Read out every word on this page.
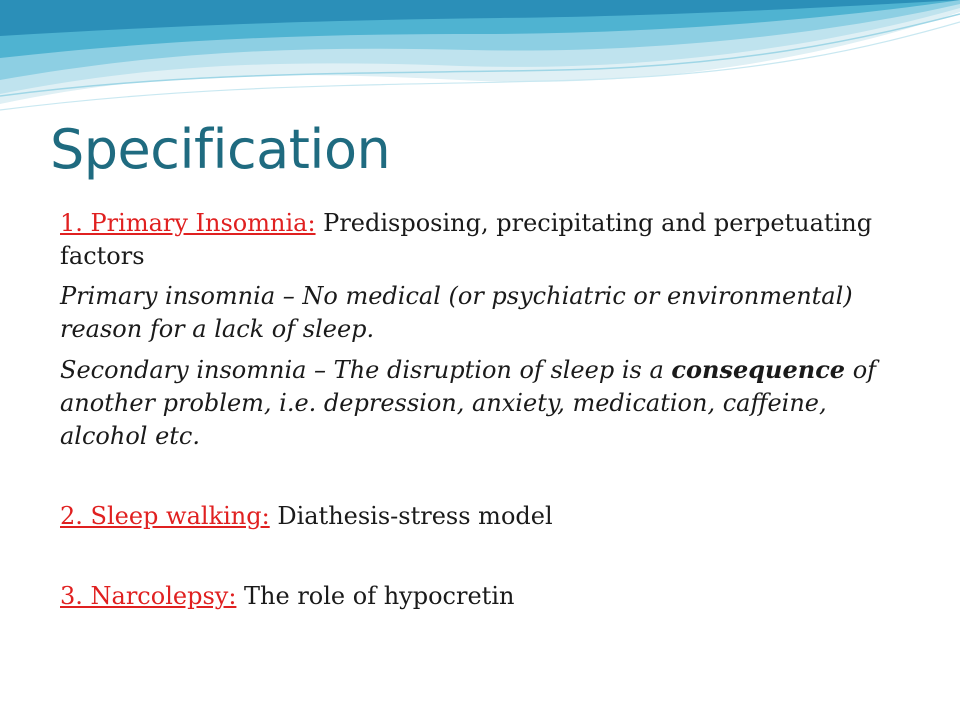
Specification

1. Primary Insomnia: Predisposing, precipitating and perpetuating factors

Primary insomnia – No medical (or psychiatric or environmental) reason for a lack of sleep.

Secondary insomnia – The disruption of sleep is a consequence of another problem, i.e. depression, anxiety, medication, caffeine, alcohol etc.

2. Sleep walking: Diathesis-stress model

3. Narcolepsy: The role of hypocretin
